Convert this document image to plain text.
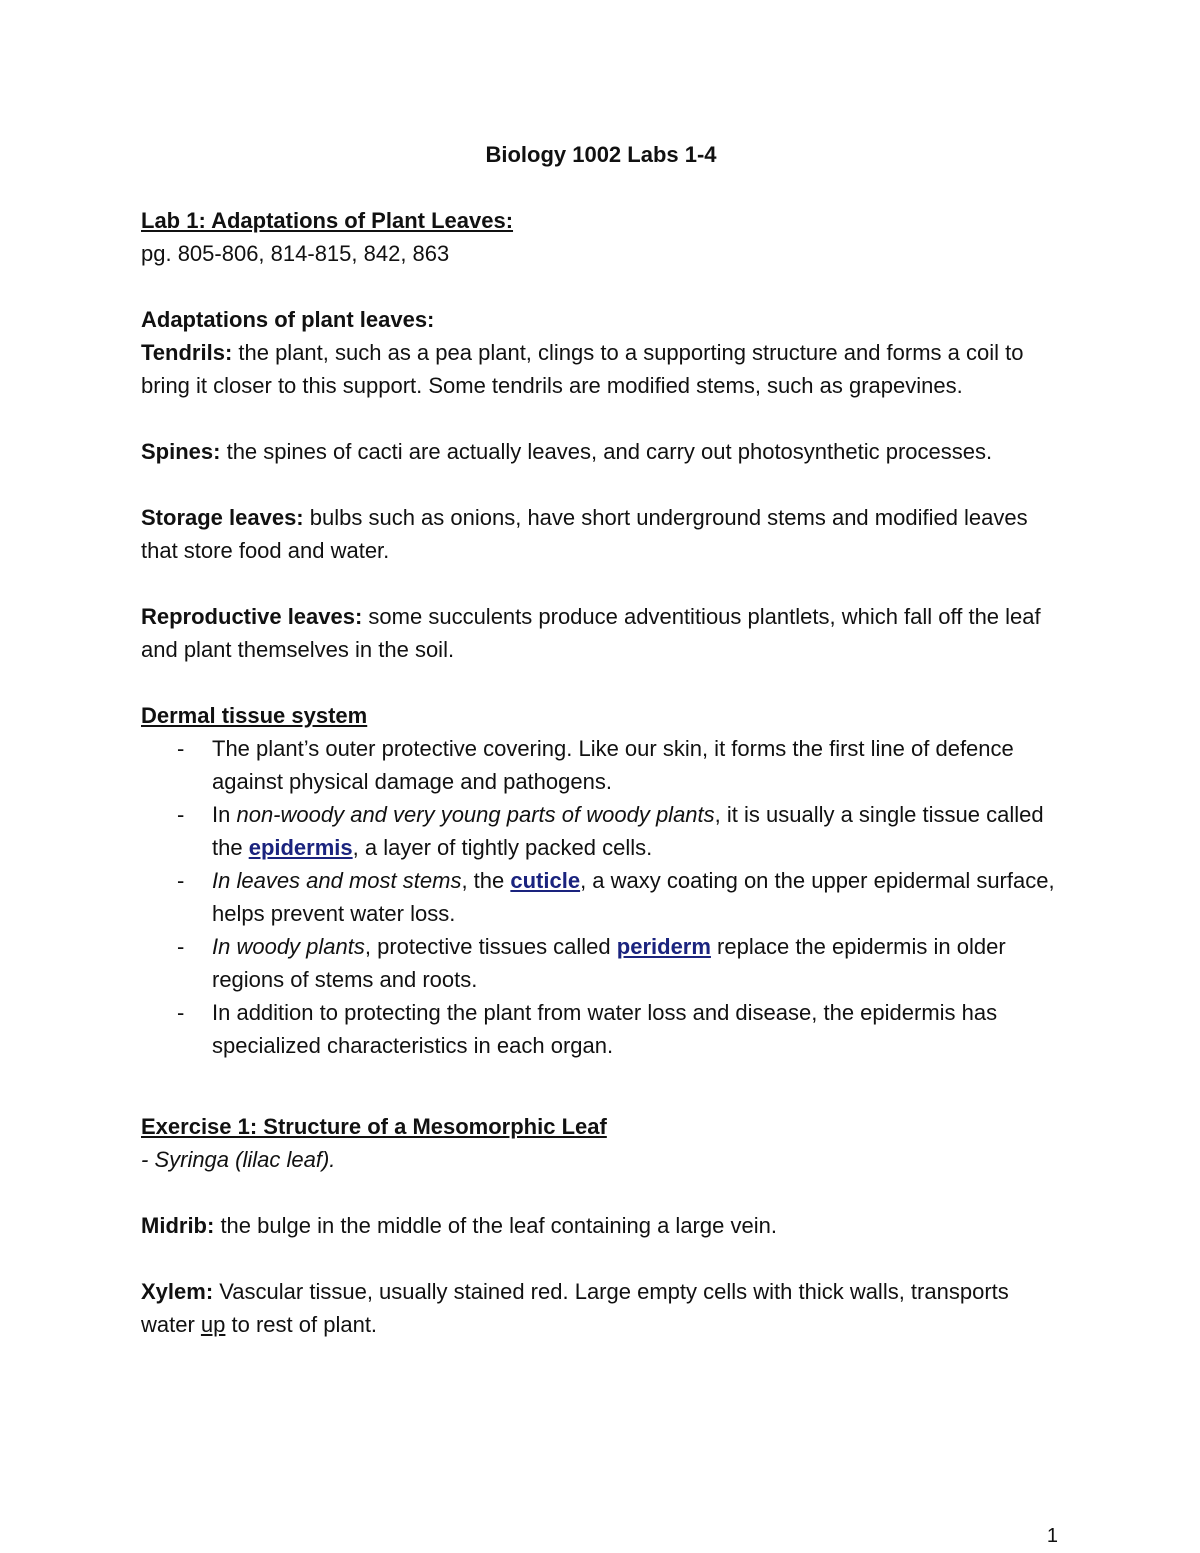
Biology 1002 Labs 1-4

Lab 1: Adaptations of Plant Leaves:

pg. 805-806, 814-815, 842, 863

Adaptations of plant leaves:

Tendrils: the plant, such as a pea plant, clings to a supporting structure and forms a coil to bring it closer to this support. Some tendrils are modified stems, such as grapevines.

Spines: the spines of cacti are actually leaves, and carry out photosynthetic processes.

Storage leaves: bulbs such as onions, have short underground stems and modified leaves that store food and water.

Reproductive leaves: some succulents produce adventitious plantlets, which fall off the leaf and plant themselves in the soil.

Dermal tissue system

- The plant’s outer protective covering. Like our skin, it forms the first line of defence against physical damage and pathogens.
- In non-woody and very young parts of woody plants, it is usually a single tissue called the epidermis, a layer of tightly packed cells.
- In leaves and most stems, the cuticle, a waxy coating on the upper epidermal surface, helps prevent water loss.
- In woody plants, protective tissues called periderm replace the epidermis in older regions of stems and roots.
- In addition to protecting the plant from water loss and disease, the epidermis has specialized characteristics in each organ.

Exercise 1: Structure of a Mesomorphic Leaf

- Syringa (lilac leaf).

Midrib: the bulge in the middle of the leaf containing a large vein.

Xylem: Vascular tissue, usually stained red. Large empty cells with thick walls, transports water up to rest of plant.

1
